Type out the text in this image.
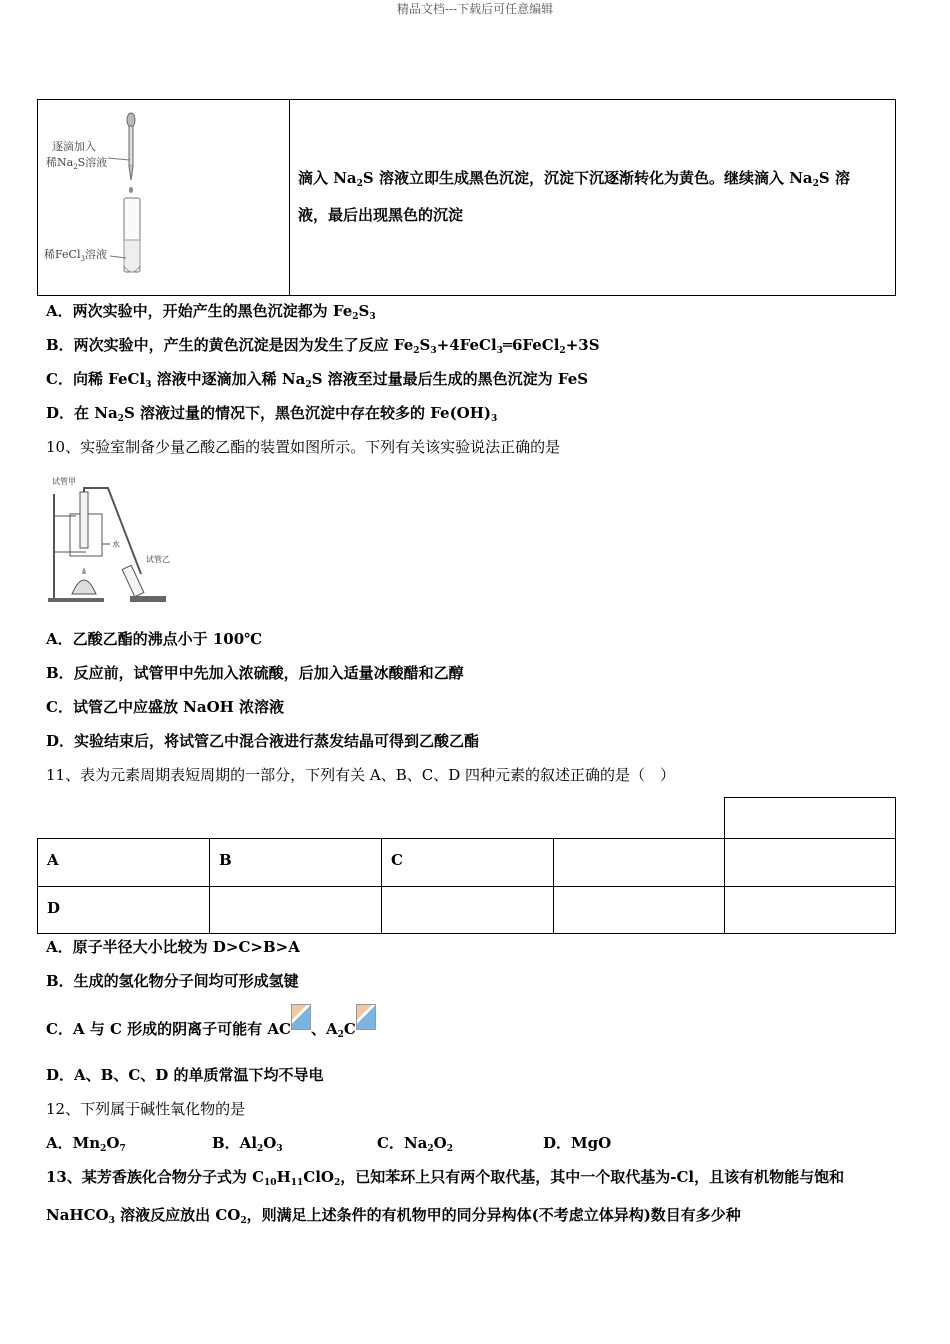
精品文档---下载后可任意编辑
逐滴加入
稀$Na_2S$溶液
稀FeCl$_3$溶液
滴入 $Na_2S$ 溶液立即生成黑色沉淀，沉淀下沉逐渐转化为黄色。继续滴入 $Na_2S$ 溶
液，最后出现黑色的沉淀
A．两次实验中，开始产生的黑色沉淀都为 $Fe_2S_3$
B．两次实验中，产生的黄色沉淀是因为发生了反应 $Fe_2S_3+4FeCl_3═6FeCl_2+3S$
C．向稀 FeCl$_3$ 溶液中逐滴加入稀 $Na_2S$ 溶液至过量最后生成的黑色沉淀为 FeS
D．在 $Na_2S$ 溶液过量的情况下，黑色沉淀中存在较多的 $Fe(OH)_3$
10、实验室制备少量乙酸乙酯的装置如图所示。下列有关该实验说法正确的是
试管甲
水
试管乙
A．乙酸乙酯的沸点小于 100℃
B．反应前，试管甲中先加入浓硫酸，后加入适量冰酸醋和乙醇
C．试管乙中应盛放 NaOH 浓溶液
D．实验结束后，将试管乙中混合液进行蒸发结晶可得到乙酸乙酯
11、表为元素周期表短周期的一部分，下列有关 A、B、C、D 四种元素的叙述正确的是（　）
A	B	C
D
A．原子半径大小比较为 D>C>B>A
B．生成的氢化物分子间均可形成氢键
C．A 与 C 形成的阴离子可能有 AC 、$A_2C$
D．A、B、C、D 的单质常温下均不导电
12、下列属于碱性氧化物的是
A．$Mn_2O_7$	B．$Al_2O_3$	C．$Na_2O_2$	D．MgO
13、某芳香族化合物分子式为 $C_{10}H_{11}ClO_2$，已知苯环上只有两个取代基，其中一个取代基为-Cl，且该有机物能与饱和
NaHCO$_3$ 溶液反应放出 $CO_2$，则满足上述条件的有机物甲的同分异构体(不考虑立体异构)数目有多少种
